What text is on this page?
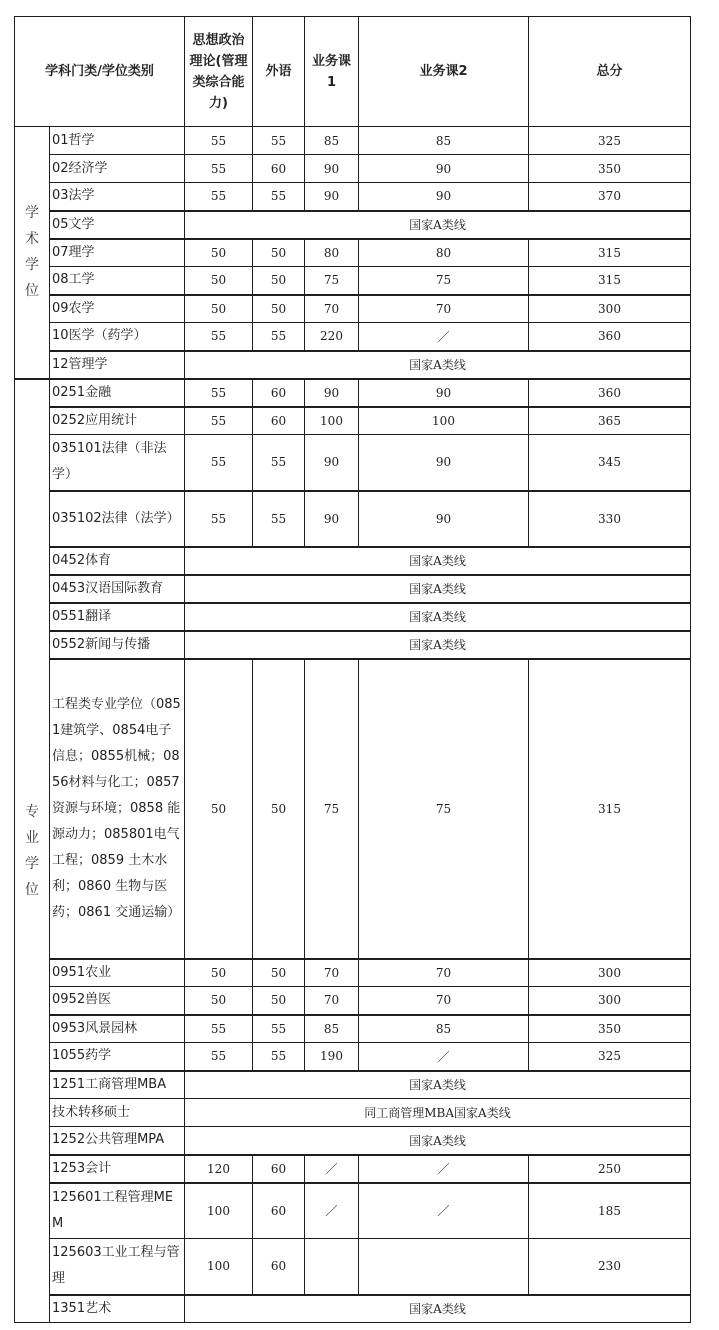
学科门类/学位类别		思想政治理论(管理类综合能力)	外语	业务课1	业务课2	总分

学
术
学
位	01哲学	55	55	85	85	325
	02经济学	55	60	90	90	350
	03法学	55	55	90	90	370
	05文学	国家A类线				
	07理学	50	50	80	80	315
	08工学	50	50	75	75	315
	09农学	50	50	70	70	300
	10医学（药学）	55	55	220	／	360
	12管理学	国家A类线				

专
业
学
位	0251金融	55	60	90	90	360
	0252应用统计	55	60	100	100	365
	035101法律（非法学）	55	55	90	90	345
	035102法律（法学）	55	55	90	90	330
	0452体育	国家A类线				
	0453汉语国际教育	国家A类线				
	0551翻译	国家A类线				
	0552新闻与传播	国家A类线				
	工程类专业学位（0851建筑学、0854电子信息；0855机械；0856材料与化工；0857资源与环境；0858 能源动力；085801电气工程；0859 土木水利；0860 生物与医药；0861 交通运输）	50	50	75	75	315
	0951农业	50	50	70	70	300
	0952兽医	50	50	70	70	300
	0953风景园林	55	55	85	85	350
	1055药学	55	55	190	／	325
	1251工商管理MBA	国家A类线				
	技术转移硕士	同工商管理MBA国家A类线				
	1252公共管理MPA	国家A类线				
	1253会计	120	60	／	／	250
	125601工程管理MEM	100	60	／	／	185
	125603工业工程与管理	100	60			230
	1351艺术	国家A类线				
